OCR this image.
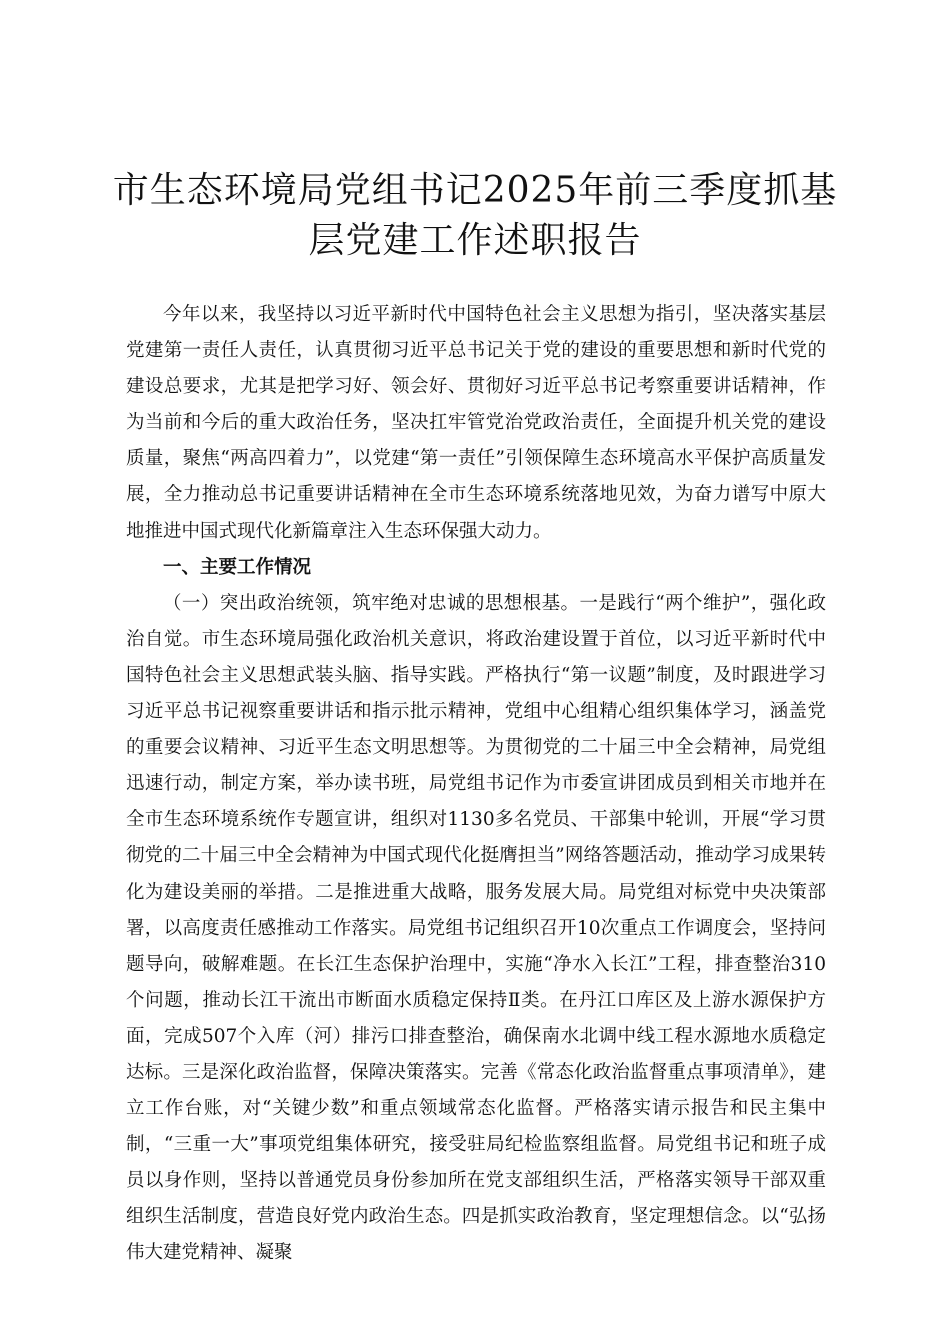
市生态环境局党组书记2025年前三季度抓基
层党建工作述职报告

今年以来，我坚持以习近平新时代中国特色社会主义思想为指引，坚决落实基层党建第一责任人责任，认真贯彻习近平总书记关于党的建设的重要思想和新时代党的建设总要求，尤其是把学习好、领会好、贯彻好习近平总书记考察重要讲话精神，作为当前和今后的重大政治任务，坚决扛牢管党治党政治责任，全面提升机关党的建设质量，聚焦“两高四着力”，以党建“第一责任”引领保障生态环境高水平保护高质量发展，全力推动总书记重要讲话精神在全市生态环境系统落地见效，为奋力谱写中原大地推进中国式现代化新篇章注入生态环保强大动力。

一、主要工作情况

（一）突出政治统领，筑牢绝对忠诚的思想根基。一是践行“两个维护”，强化政治自觉。市生态环境局强化政治机关意识，将政治建设置于首位，以习近平新时代中国特色社会主义思想武装头脑、指导实践。严格执行“第一议题”制度，及时跟进学习习近平总书记视察重要讲话和指示批示精神，党组中心组精心组织集体学习，涵盖党的重要会议精神、习近平生态文明思想等。为贯彻党的二十届三中全会精神，局党组迅速行动，制定方案，举办读书班，局党组书记作为市委宣讲团成员到相关市地并在全市生态环境系统作专题宣讲，组织对1130多名党员、干部集中轮训，开展“学习贯彻党的二十届三中全会精神为中国式现代化挺膺担当”网络答题活动，推动学习成果转化为建设美丽的举措。二是推进重大战略，服务发展大局。局党组对标党中央决策部署，以高度责任感推动工作落实。局党组书记组织召开10次重点工作调度会，坚持问题导向，破解难题。在长江生态保护治理中，实施“净水入长江”工程，排查整治310个问题，推动长江干流出市断面水质稳定保持Ⅱ类。在丹江口库区及上游水源保护方面，完成507个入库（河）排污口排查整治，确保南水北调中线工程水源地水质稳定达标。三是深化政治监督，保障决策落实。完善《常态化政治监督重点事项清单》，建立工作台账，对“关键少数”和重点领域常态化监督。严格落实请示报告和民主集中制，“三重一大”事项党组集体研究，接受驻局纪检监察组监督。局党组书记和班子成员以身作则，坚持以普通党员身份参加所在党支部组织生活，严格落实领导干部双重组织生活制度，营造良好党内政治生态。四是抓实政治教育，坚定理想信念。以“弘扬伟大建党精神、凝聚
